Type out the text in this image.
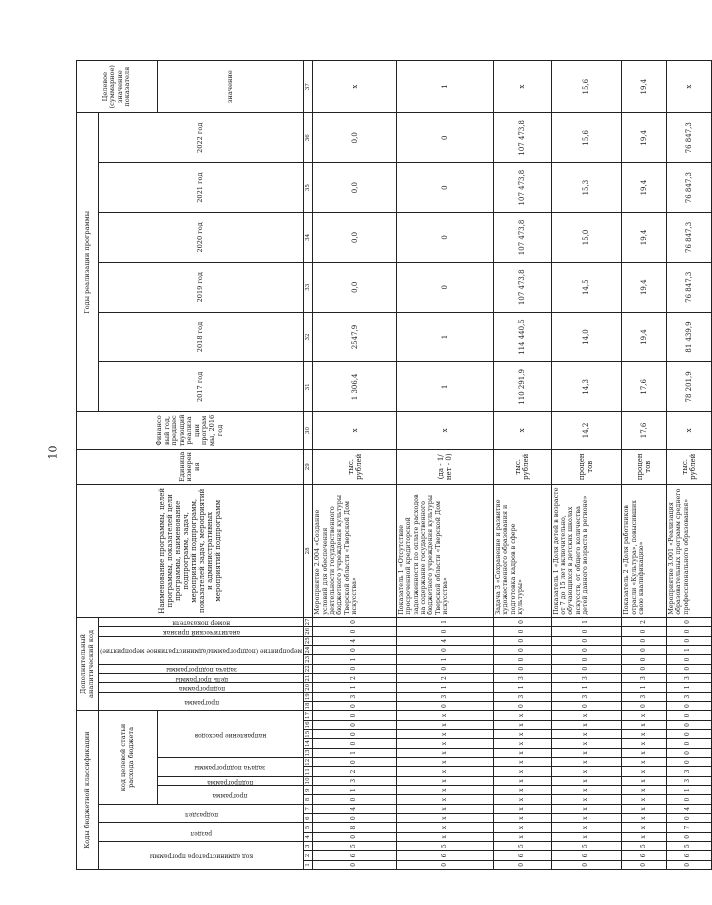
10
Коды бюджетной классификации																	Дополнительный аналитический код										Наименование программы, целей программы, показателей цели программы, наименование подпрограмм, задач, мероприятий подпрограмм, показателей задач, мероприятий и административных мероприятий подпрограмм	Единица измерения	Финансовый год, предшествующий реализации программы, 2016 год	Годы реализации программы						Целевое (суммарное) значение показателя
код администратора программы			раздел		подраздел		код целевой статьи расхода бюджета										программа		подпрограмма	цель программы	задача подпрограммы	мероприятие (подпрограммы/административное мероприятие)			аналитический признак	номер показателя				2017 год	2018 год	2019 год	2020 год	2021 год	2022 год	
							программа		подпрограмма	задача подпрограммы		направление расходов																								значение
1	2	3	4	5	6	7	8	9	10	11	12	13	14	15	16	17	18	19	20	21	22	23	24	25	26	27	28	29	30	31	32	33	34	35	36	37
0	6	5	0	8	0	4	0	1	3	2	0	1	0	0	0	0	0	3	1	2	0	1	0	4	0	0	Мероприятие 2.004 «Создание условий для обеспечения деятельности государственного бюджетного учреждения культуры Тверской области «Тверской Дом искусства»	тыс. рублей	x	1 306,4	2547,9	0,0	0,0	0,0	0,0	x
0	6	5	x	x	x	x	x	x	x	x	x	x	x	x	x	x	0	3	1	2	0	1	0	4	0	1	Показатель 1 «Отсутствие просроченной кредиторской задолженности по оплате расходов на содержание государственного бюджетного учреждения культуры Тверской области «Тверской Дом искусства»	(да - 1/ нет - 0)	x	1	1	0	0	0	0	1
0	6	5	x	x	x	x	x	x	x	x	x	x	x	x	x	x	0	3	1	3	0	0	0	0	0	0	Задача 3 «Сохранение и развитие художественного образования и подготовка кадров в сфере культуры»	тыс. рублей	x	110 291,9	114 440,5	107 473,8	107 473,8	107 473,8	107 473,8	x
0	6	5	x	x	x	x	x	x	x	x	x	x	x	x	x	x	0	3	1	3	0	0	0	0	0	1	Показатель 1 «Доля детей в возрасте от 7 до 15 лет включительно, обучающихся в детских школах искусств, от общего количества детей данного возраста в регионе»	процентов	14,2	14,3	14,0	14,5	15,0	15,3	15,6	15,6
0	6	5	x	x	x	x	x	x	x	x	x	x	x	x	x	x	0	3	1	3	0	0	0	0	0	2	Показатель 2 «Доля работников отрасли «Культура», повысивших свою квалификацию»	процентов	17,6	17,6	19,4	19,4	19,4	19,4	19,4	19,4
0	6	5	0	7	0	4	0	1	3	3	0	0	0	0	0	0	0	3	1	3	0	0	1	0	0	0	Мероприятие 3.001 «Реализация образовательных программ среднего профессионального образования»	тыс. рублей	x	78 201,9	81 439,9	76 847,3	76 847,3	76 847,3	76 847,3	x
